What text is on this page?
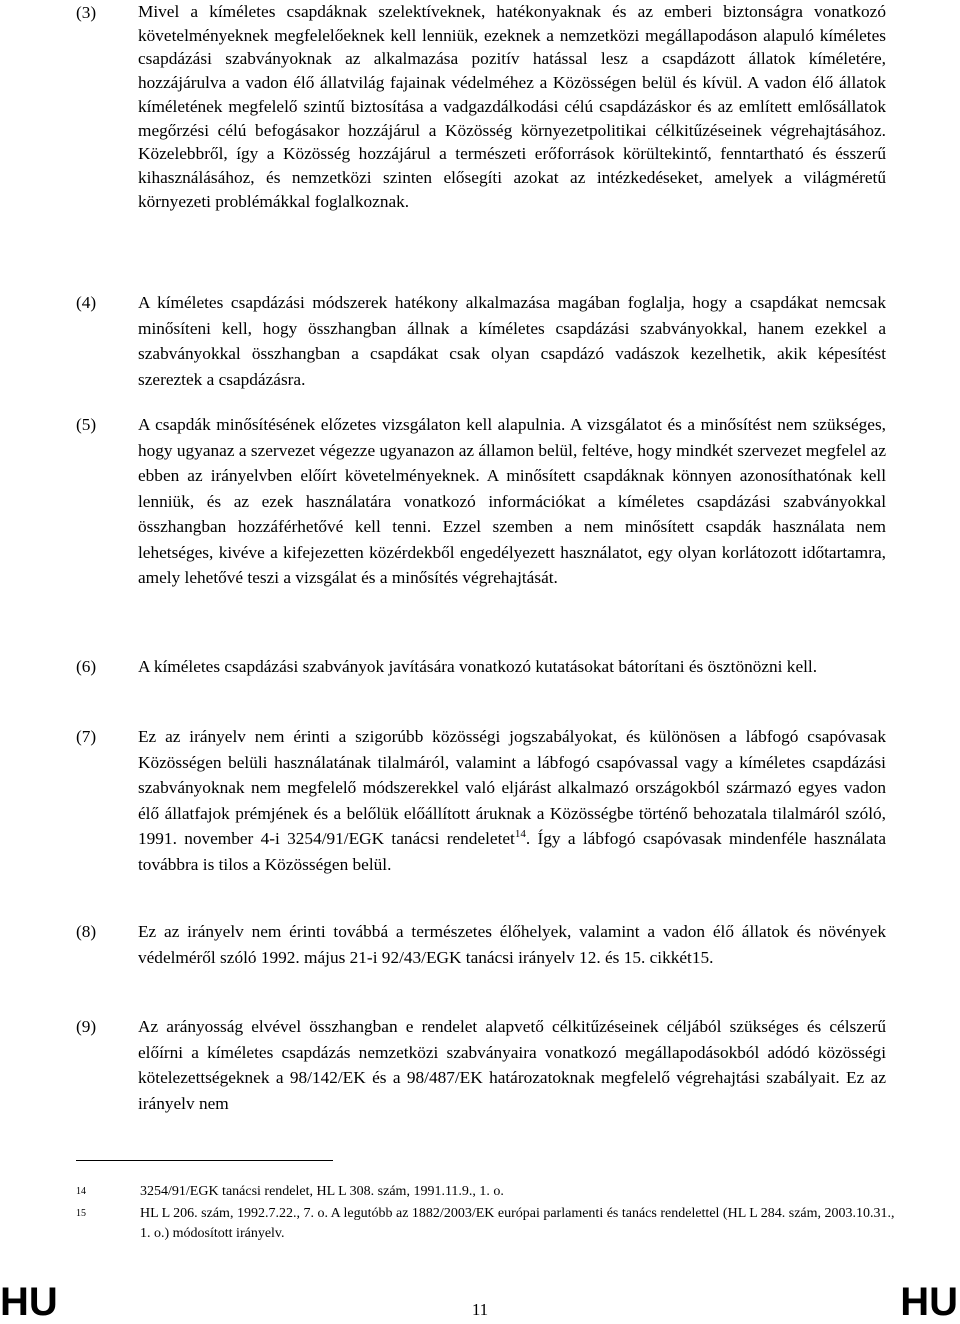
(3)	Mivel a kíméletes csapdáknak szelektíveknek, hatékonyaknak és az emberi biztonságra vonatkozó követelményeknek megfelelőeknek kell lenniük, ezeknek a nemzetközi megállapodáson alapuló kíméletes csapdázási szabványoknak az alkalmazása pozitív hatással lesz a csapdázott állatok kíméletére, hozzájárulva a vadon élő állatvilág fajainak védelméhez a Közösségen belül és kívül. A vadon élő állatok kíméletének megfelelő szintű biztosítása a vadgazdálkodási célú csapdázáskor és az említett emlősállatok megőrzési célú befogásakor hozzájárul a Közösség környezetpolitikai célkitűzéseinek végrehajtásához. Közelebbről, így a Közösség hozzájárul a természeti erőforrások körültekintő, fenntartható és ésszerű kihasználásához, és nemzetközi szinten elősegíti azokat az intézkedéseket, amelyek a világméretű környezeti problémákkal foglalkoznak.
(4)	A kíméletes csapdázási módszerek hatékony alkalmazása magában foglalja, hogy a csapdákat nemcsak minősíteni kell, hogy összhangban állnak a kíméletes csapdázási szabványokkal, hanem ezekkel a szabványokkal összhangban a csapdákat csak olyan csapdázó vadászok kezelhetik, akik képesítést szereztek a csapdázásra.
(5)	A csapdák minősítésének előzetes vizsgálaton kell alapulnia. A vizsgálatot és a minősítést nem szükséges, hogy ugyanaz a szervezet végezze ugyanazon az államon belül, feltéve, hogy mindkét szervezet megfelel az ebben az irányelvben előírt követelményeknek. A minősített csapdáknak könnyen azonosíthatónak kell lenniük, és az ezek használatára vonatkozó információkat a kíméletes csapdázási szabványokkal összhangban hozzáférhetővé kell tenni. Ezzel szemben a nem minősített csapdák használata nem lehetséges, kivéve a kifejezetten közérdekből engedélyezett használatot, egy olyan korlátozott időtartamra, amely lehetővé teszi a vizsgálat és a minősítés végrehajtását.
(6)	A kíméletes csapdázási szabványok javítására vonatkozó kutatásokat bátorítani és ösztönözni kell.
(7)	Ez az irányelv nem érinti a szigorúbb közösségi jogszabályokat, és különösen a lábfogó csapóvasak Közösségen belüli használatának tilalmáról, valamint a lábfogó csapóvassal vagy a kíméletes csapdázási szabványoknak nem megfelelő módszerekkel való eljárást alkalmazó országokból származó egyes vadon élő állatfajok prémjének és a belőlük előállított áruknak a Közösségbe történő behozatala tilalmáról szóló, 1991. november 4-i 3254/91/EGK tanácsi rendeletet$^{14}$. Így a lábfogó csapóvasak mindenféle használata továbbra is tilos a Közösségen belül.
(8)	Ez az irányelv nem érinti továbbá a természetes élőhelyek, valamint a vadon élő állatok és növények védelméről szóló 1992. május 21-i 92/43/EGK tanácsi irányelv 12. és 15. cikkét15.
(9)	Az arányosság elvével összhangban e rendelet alapvető célkitűzéseinek céljából szükséges és célszerű előírni a kíméletes csapdázás nemzetközi szabványaira vonatkozó megállapodásokból adódó közösségi kötelezettségeknek a 98/142/EK és a 98/487/EK határozatoknak megfelelő végrehajtási szabályait. Ez az irányelv nem
14	3254/91/EGK tanácsi rendelet, HL L 308. szám, 1991.11.9., 1. o.
15	HL L 206. szám, 1992.7.22., 7. o. A legutóbb az 1882/2003/EK európai parlamenti és tanács rendelettel (HL L 284. szám, 2003.10.31., 1. o.) módosított irányelv.
HU	11	HU
